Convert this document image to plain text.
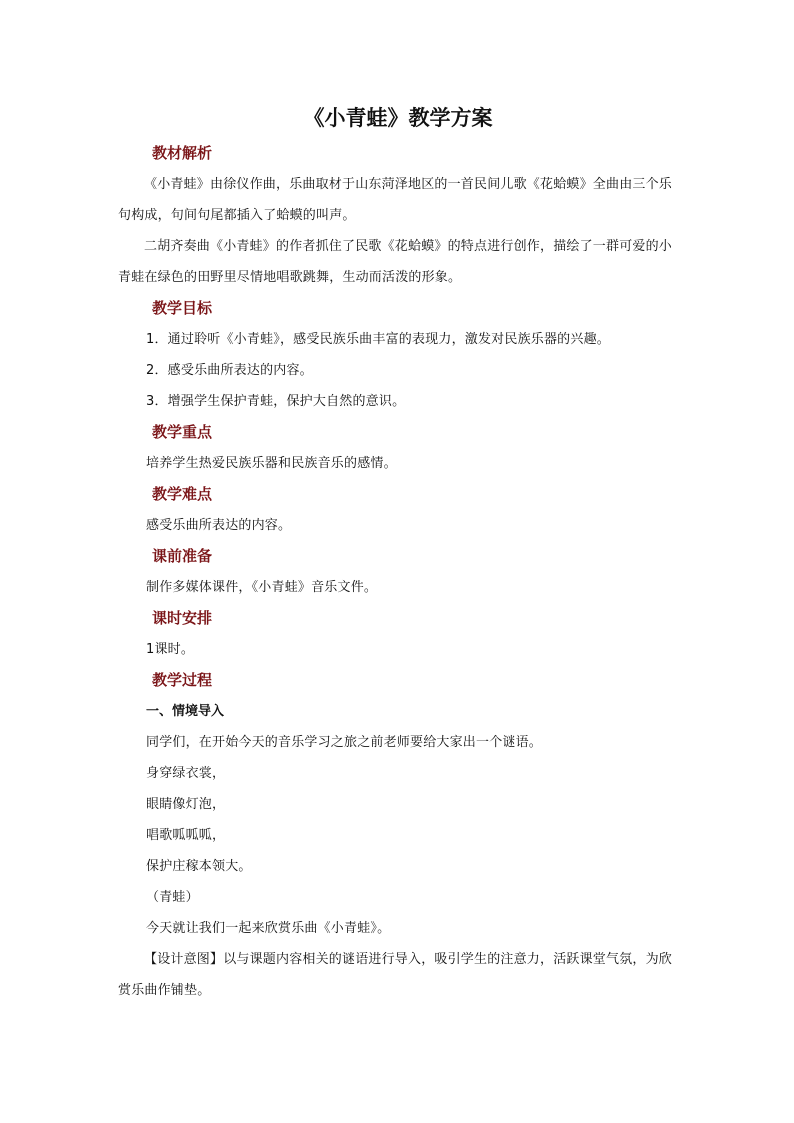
《小青蛙》教学方案
教材解析

《小青蛙》由徐仪作曲，乐曲取材于山东菏泽地区的一首民间儿歌《花蛤蟆》全曲由三个乐句构成，句间句尾都插入了蛤蟆的叫声。

二胡齐奏曲《小青蛙》的作者抓住了民歌《花蛤蟆》的特点进行创作，描绘了一群可爱的小青蛙在绿色的田野里尽情地唱歌跳舞，生动而活泼的形象。

教学目标

1．通过聆听《小青蛙》，感受民族乐曲丰富的表现力，激发对民族乐器的兴趣。

2．感受乐曲所表达的内容。

3．增强学生保护青蛙，保护大自然的意识。

教学重点

培养学生热爱民族乐器和民族音乐的感情。

教学难点

感受乐曲所表达的内容。

课前准备

制作多媒体课件，《小青蛙》音乐文件。

课时安排

1课时。

教学过程

一、情境导入

同学们，在开始今天的音乐学习之旅之前老师要给大家出一个谜语。

身穿绿衣裳，

眼睛像灯泡，

唱歌呱呱呱，

保护庄稼本领大。

（青蛙）

今天就让我们一起来欣赏乐曲《小青蛙》。

【设计意图】以与课题内容相关的谜语进行导入，吸引学生的注意力，活跃课堂气氛，为欣赏乐曲作铺垫。
